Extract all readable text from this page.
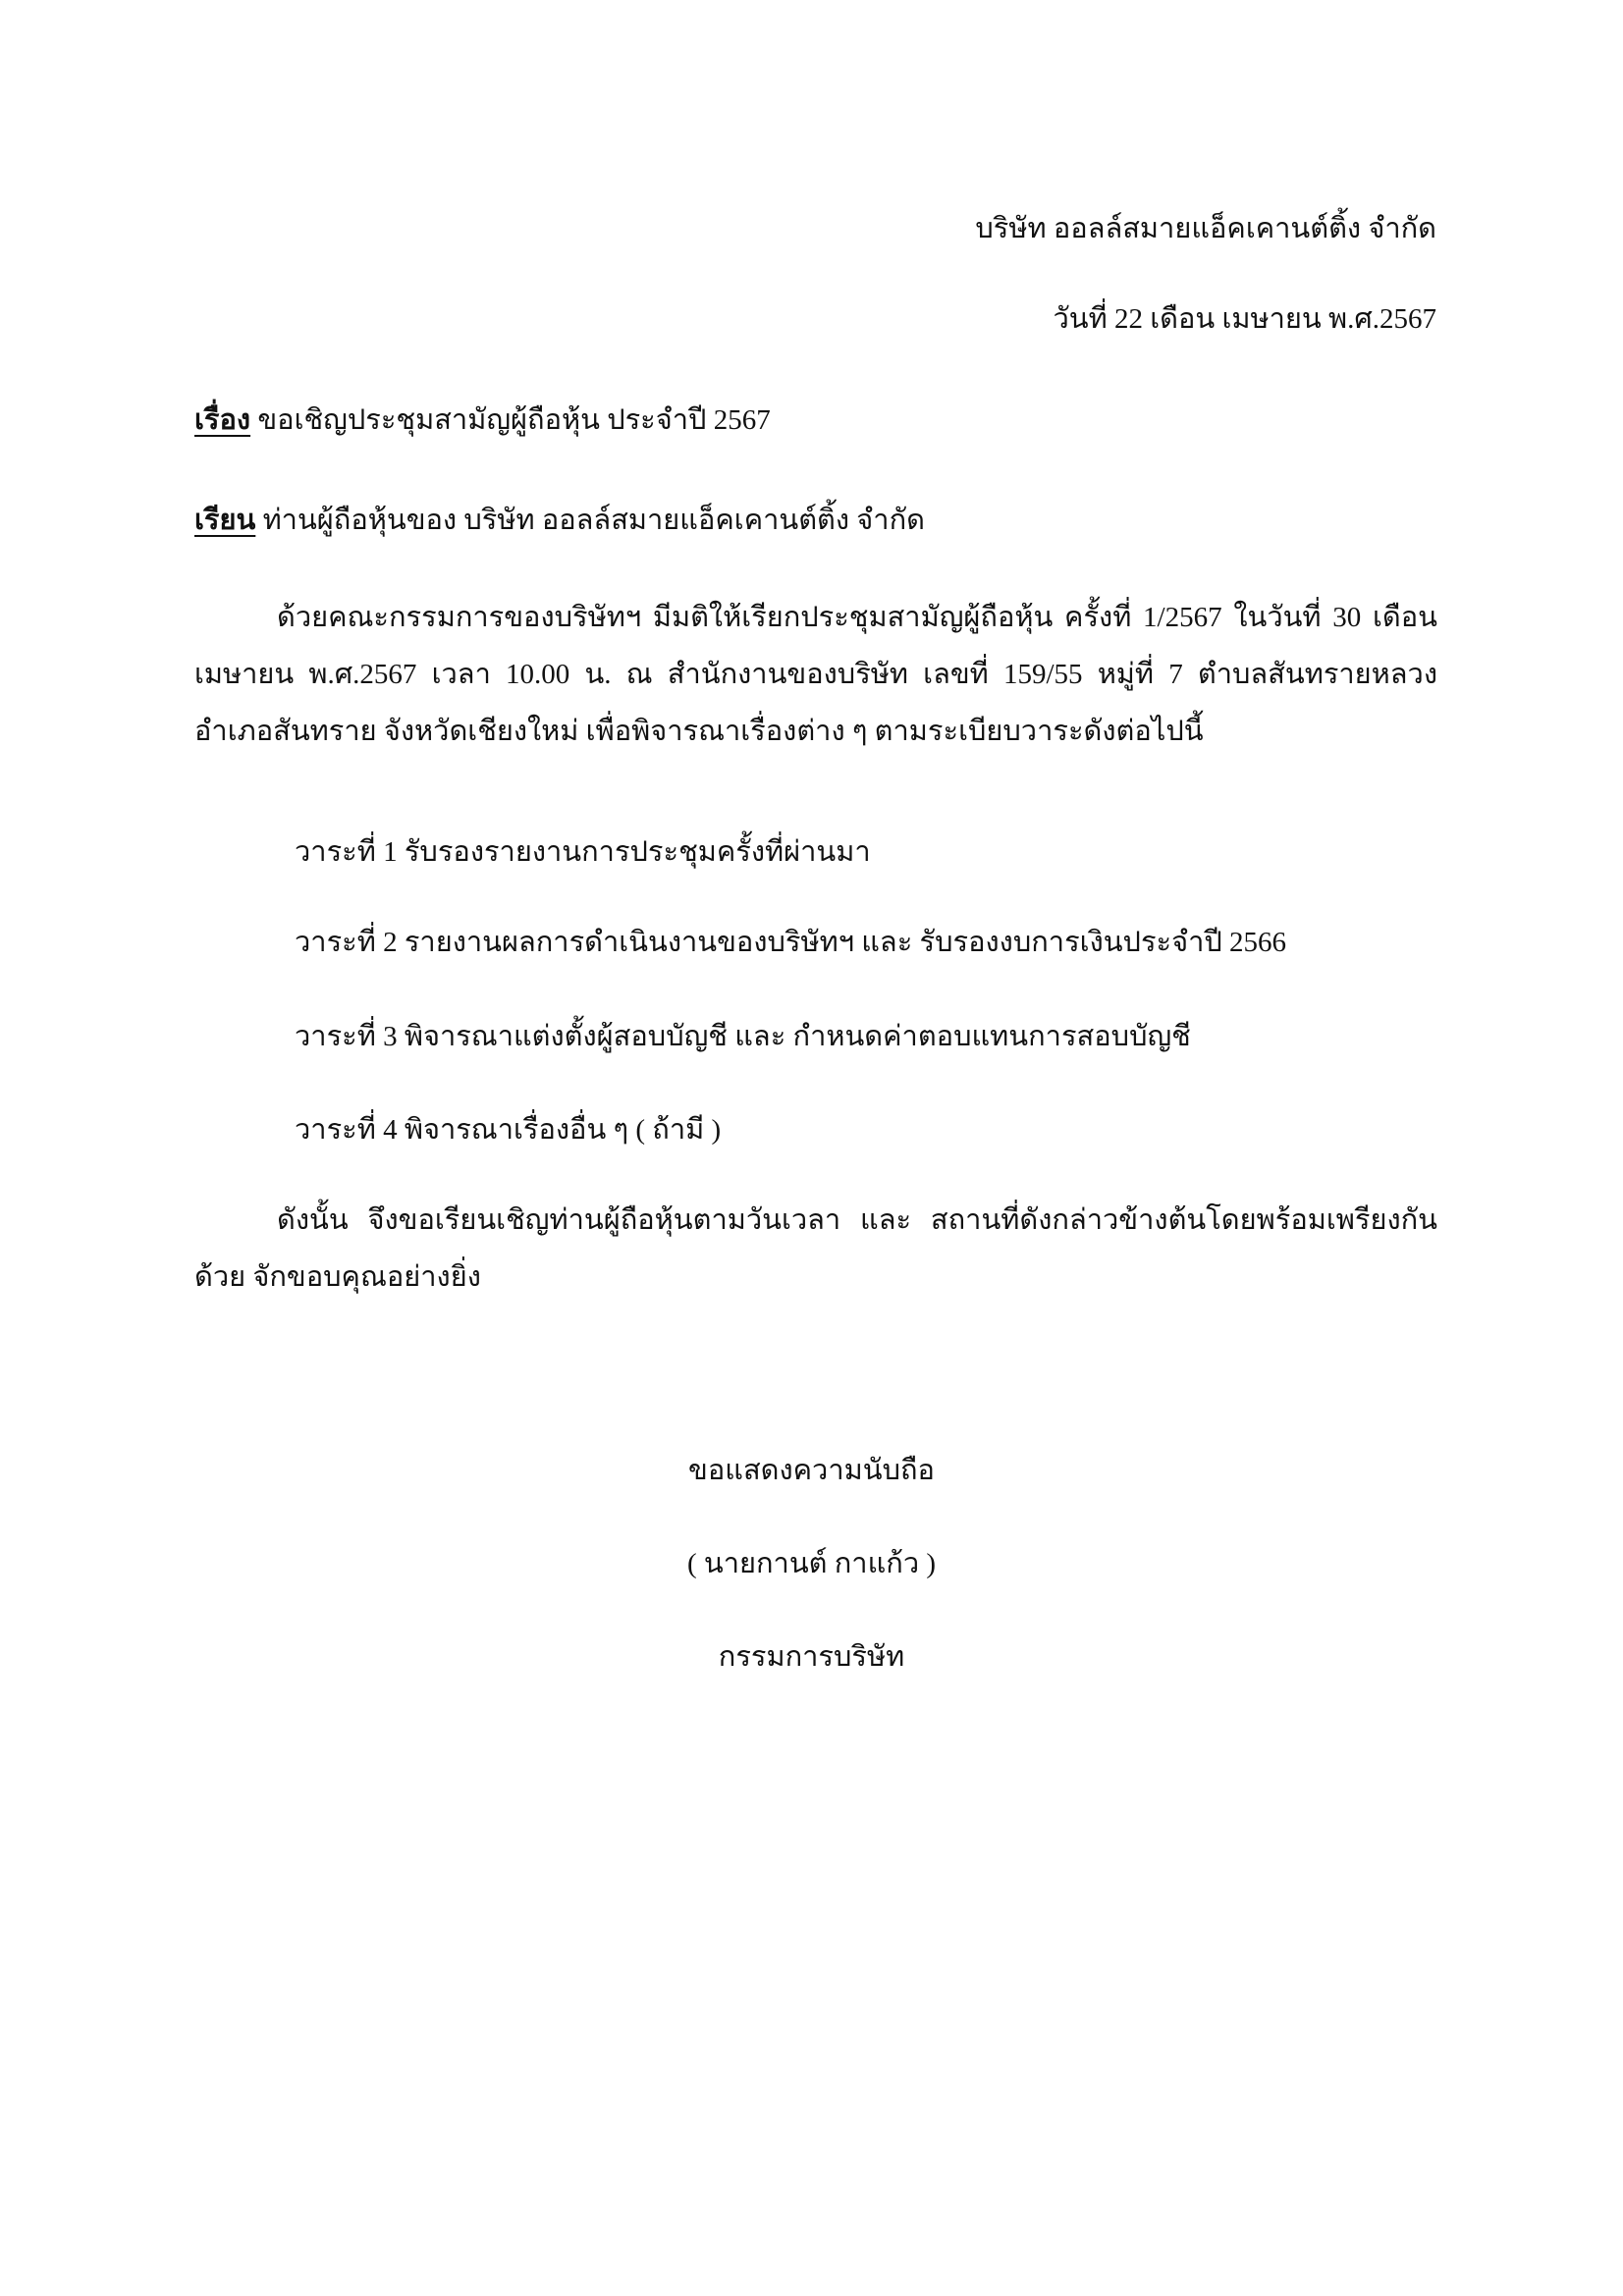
บริษัท ออลล์สมายแอ็คเคานต์ติ้ง จำกัด
วันที่ 22 เดือน เมษายน พ.ศ.2567
เรื่อง ขอเชิญประชุมสามัญผู้ถือหุ้น ประจำปี 2567
เรียน ท่านผู้ถือหุ้นของ บริษัท ออลล์สมายแอ็คเคานต์ติ้ง จำกัด
ด้วยคณะกรรมการของบริษัทฯ มีมติให้เรียกประชุมสามัญผู้ถือหุ้น ครั้งที่ 1/2567 ในวันที่ 30 เดือน เมษายน พ.ศ.2567 เวลา 10.00 น. ณ สำนักงานของบริษัท เลขที่ 159/55 หมู่ที่ 7 ตำบลสันทรายหลวง อำเภอสันทราย จังหวัดเชียงใหม่ เพื่อพิจารณาเรื่องต่าง ๆ ตามระเบียบวาระดังต่อไปนี้
วาระที่ 1 รับรองรายงานการประชุมครั้งที่ผ่านมา
วาระที่ 2 รายงานผลการดำเนินงานของบริษัทฯ และ รับรองงบการเงินประจำปี 2566
วาระที่ 3 พิจารณาแต่งตั้งผู้สอบบัญชี และ กำหนดค่าตอบแทนการสอบบัญชี
วาระที่ 4 พิจารณาเรื่องอื่น ๆ ( ถ้ามี )
ดังนั้น จึงขอเรียนเชิญท่านผู้ถือหุ้นตามวันเวลา และ สถานที่ดังกล่าวข้างต้นโดยพร้อมเพรียงกันด้วย จักขอบคุณอย่างยิ่ง
ขอแสดงความนับถือ
( นายกานต์ กาแก้ว )
กรรมการบริษัท
